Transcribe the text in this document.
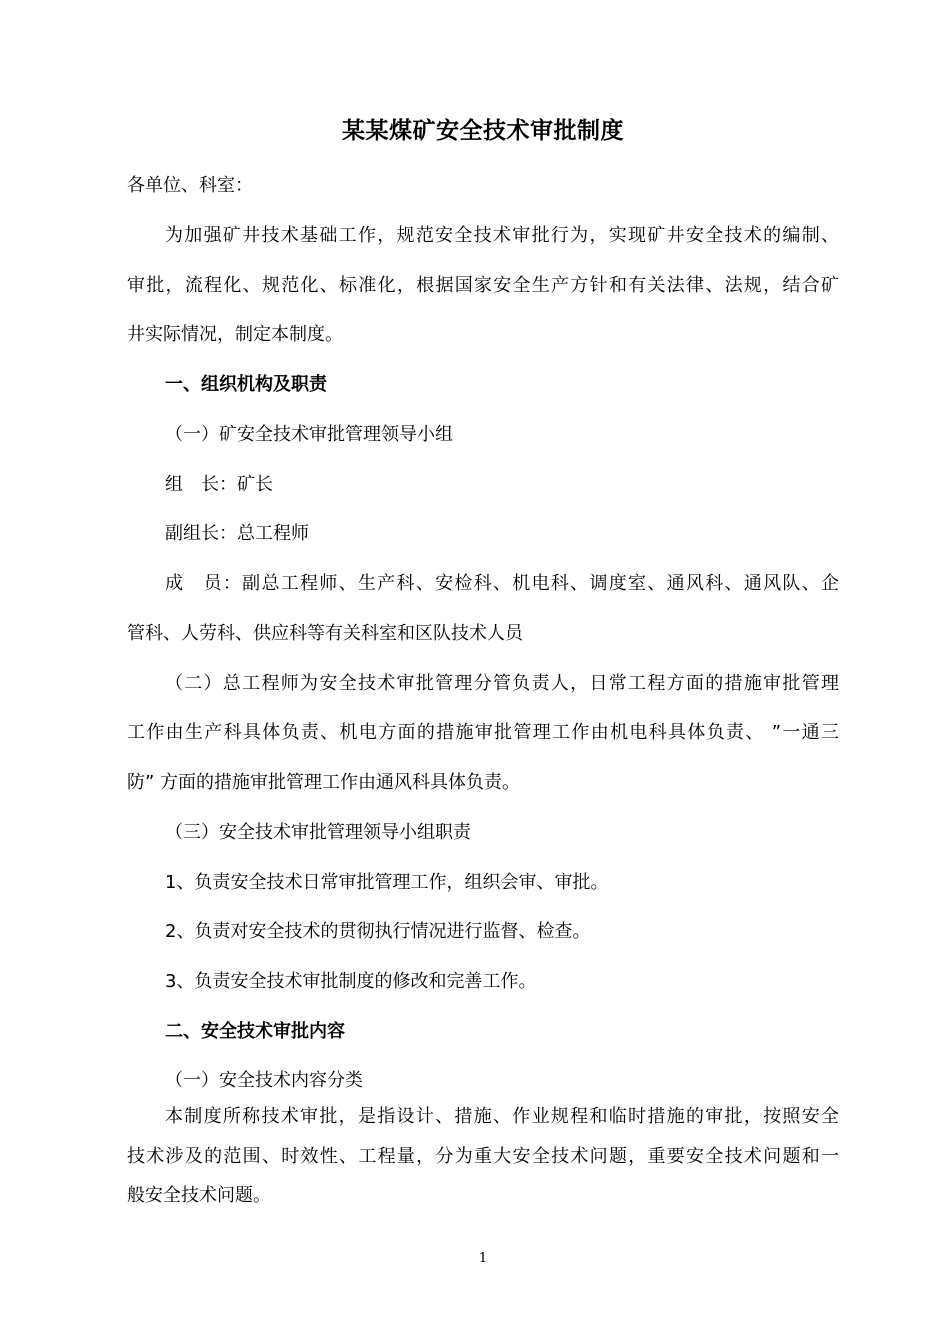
某某煤矿安全技术审批制度
各单位、科室：
为加强矿井技术基础工作，规范安全技术审批行为，实现矿井安全技术的编制、
审批，流程化、规范化、标准化，根据国家安全生产方针和有关法律、法规，结合矿
井实际情况，制定本制度。
一、组织机构及职责
（一）矿安全技术审批管理领导小组
组　长：矿长
副组长：总工程师
成　员：副总工程师、生产科、安检科、机电科、调度室、通风科、通风队、企
管科、人劳科、供应科等有关科室和区队技术人员
（二）总工程师为安全技术审批管理分管负责人，日常工程方面的措施审批管理
工作由生产科具体负责、机电方面的措施审批管理工作由机电科具体负责、 ”一通三
防” 方面的措施审批管理工作由通风科具体负责。
（三）安全技术审批管理领导小组职责
1、负责安全技术日常审批管理工作，组织会审、审批。
2、负责对安全技术的贯彻执行情况进行监督、检查。
3、负责安全技术审批制度的修改和完善工作。
二、安全技术审批内容
（一）安全技术内容分类
本制度所称技术审批，是指设计、措施、作业规程和临时措施的审批，按照安全
技术涉及的范围、时效性、工程量，分为重大安全技术问题，重要安全技术问题和一
般安全技术问题。
1
